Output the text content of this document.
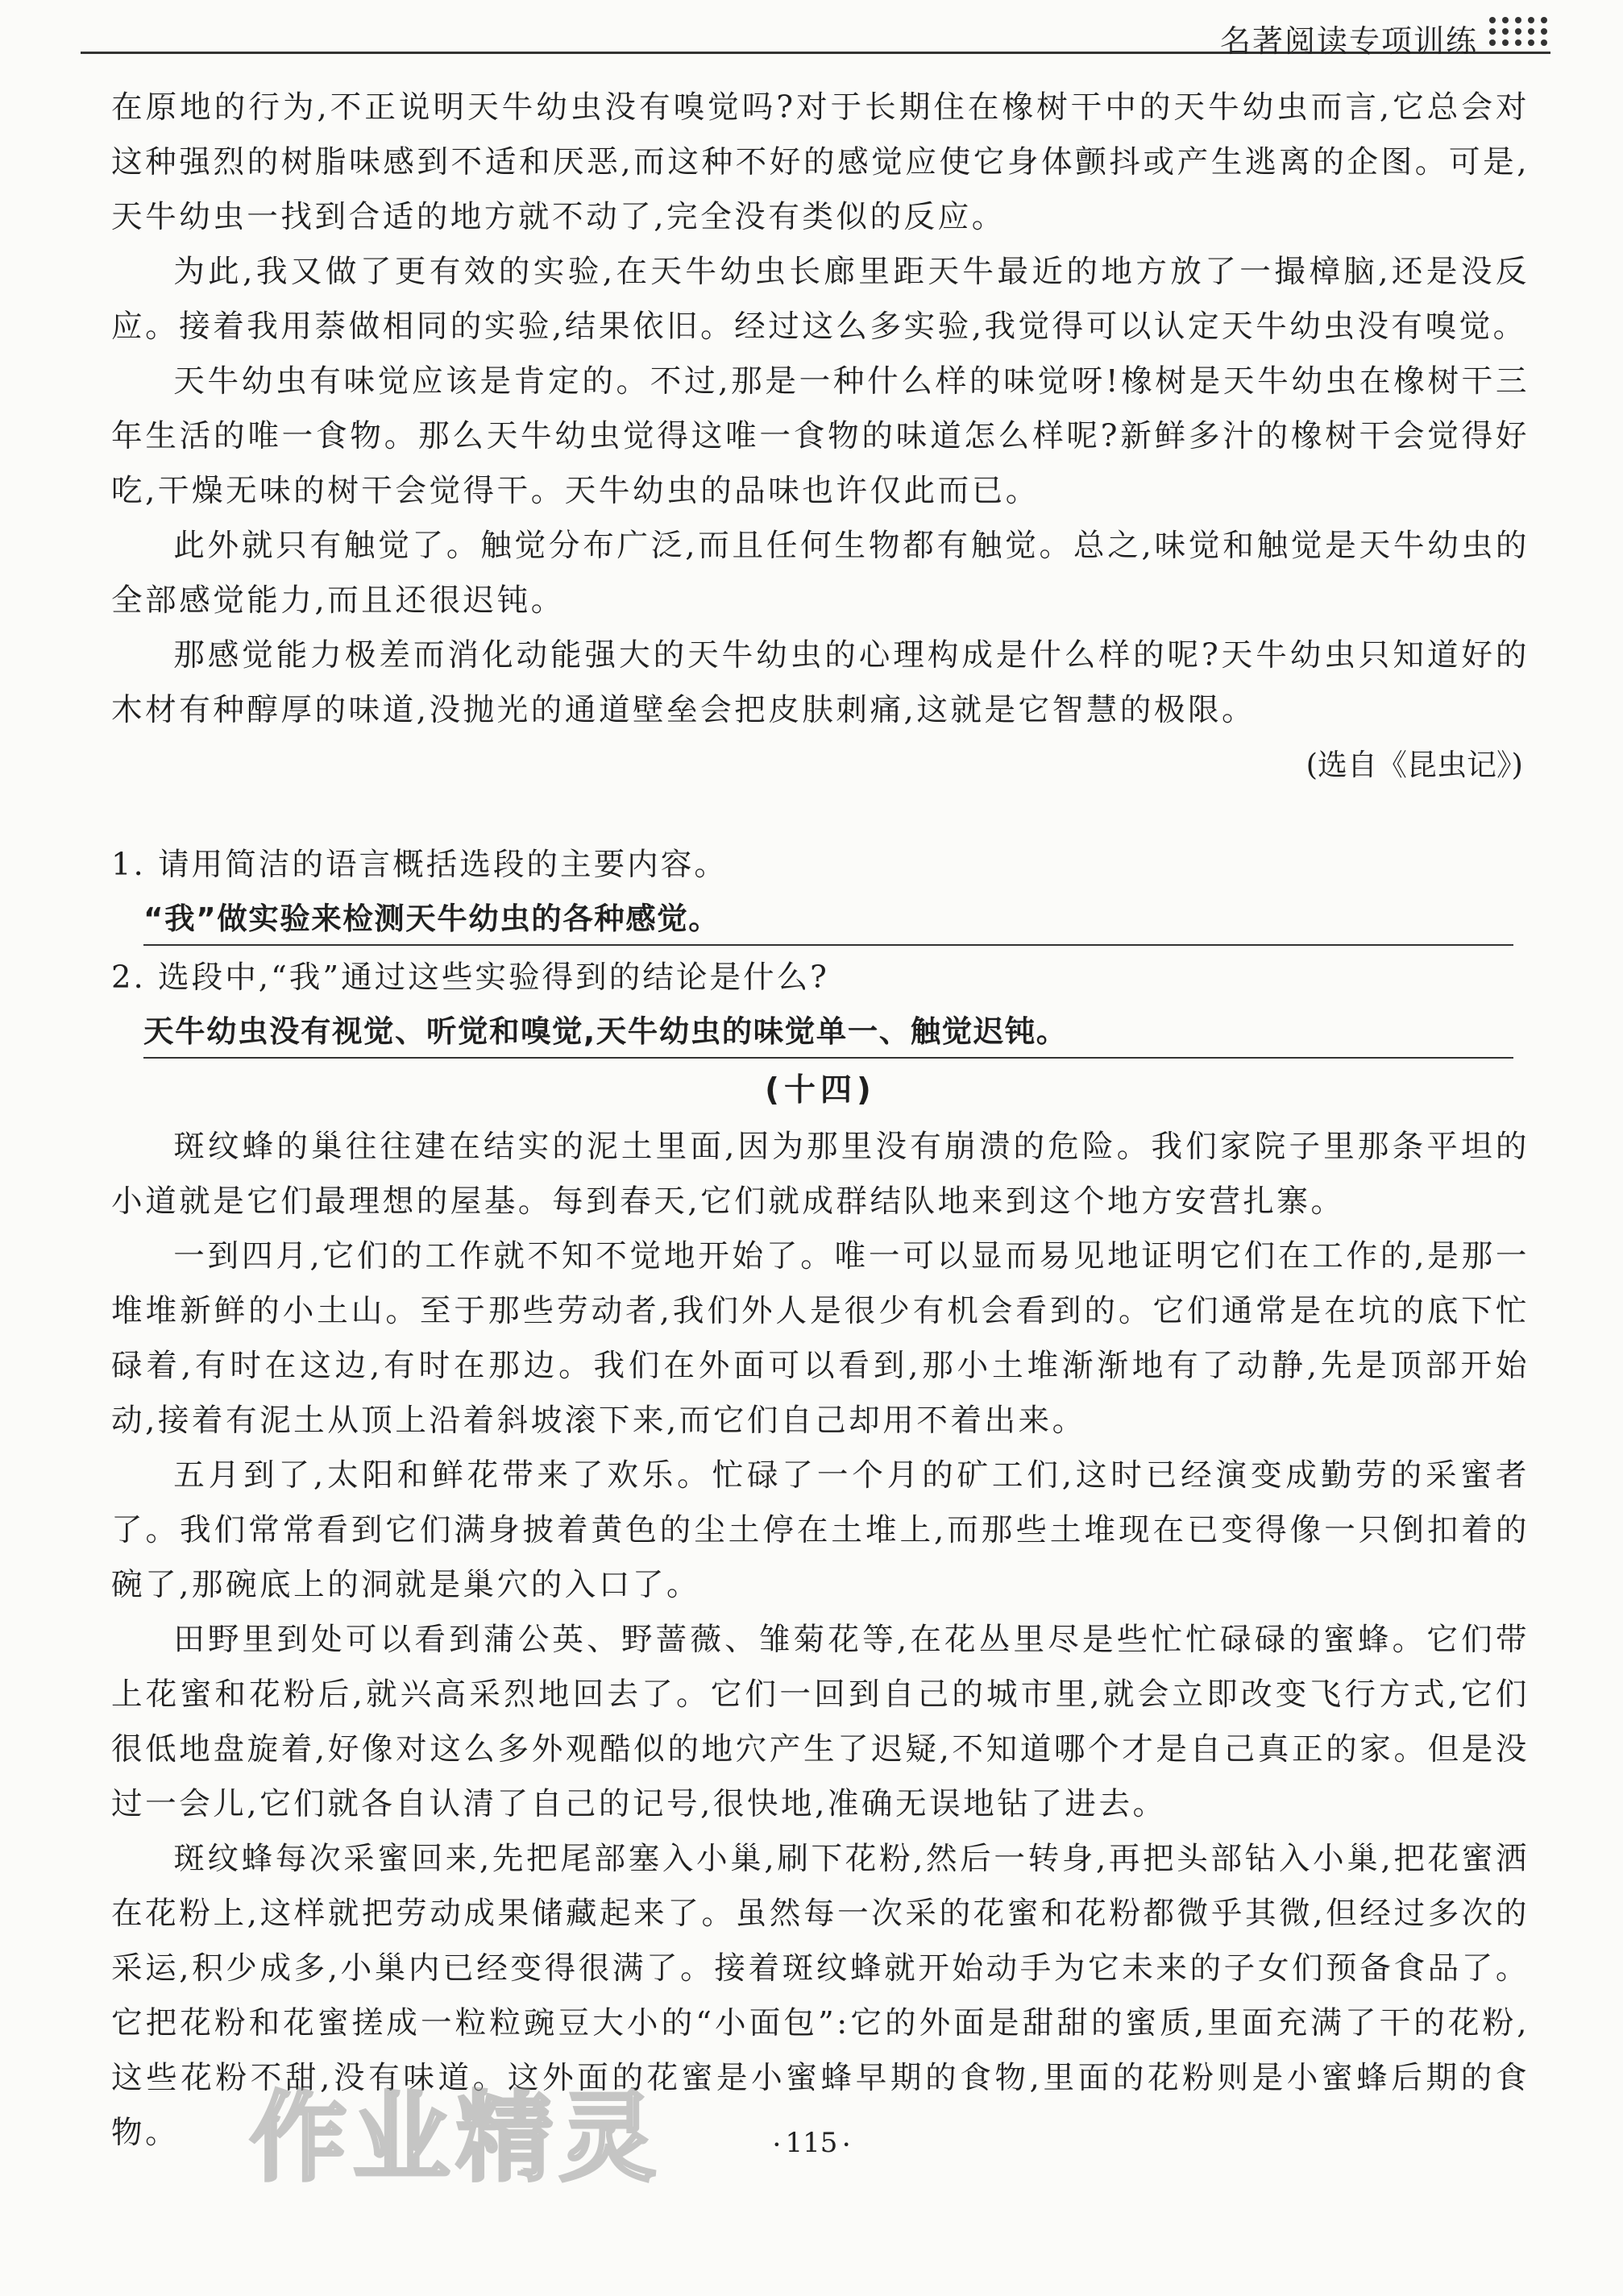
名著阅读专项训练

在原地的行为,不正说明天牛幼虫没有嗅觉吗?对于长期住在橡树干中的天牛幼虫而言,它总会对这种强烈的树脂味感到不适和厌恶,而这种不好的感觉应使它身体颤抖或产生逃离的企图。可是,天牛幼虫一找到合适的地方就不动了,完全没有类似的反应。

为此,我又做了更有效的实验,在天牛幼虫长廊里距天牛最近的地方放了一撮樟脑,还是没反应。接着我用萘做相同的实验,结果依旧。经过这么多实验,我觉得可以认定天牛幼虫没有嗅觉。

天牛幼虫有味觉应该是肯定的。不过,那是一种什么样的味觉呀!橡树是天牛幼虫在橡树干三年生活的唯一食物。那么天牛幼虫觉得这唯一食物的味道怎么样呢?新鲜多汁的橡树干会觉得好吃,干燥无味的树干会觉得干。天牛幼虫的品味也许仅此而已。

此外就只有触觉了。触觉分布广泛,而且任何生物都有触觉。总之,味觉和触觉是天牛幼虫的全部感觉能力,而且还很迟钝。

那感觉能力极差而消化动能强大的天牛幼虫的心理构成是什么样的呢?天牛幼虫只知道好的木材有种醇厚的味道,没抛光的通道壁垒会把皮肤刺痛,这就是它智慧的极限。

(选自《昆虫记》)

1. 请用简洁的语言概括选段的主要内容。

“我”做实验来检测天牛幼虫的各种感觉。

2. 选段中,“我”通过这些实验得到的结论是什么?

天牛幼虫没有视觉、听觉和嗅觉,天牛幼虫的味觉单一、触觉迟钝。

(十四)

斑纹蜂的巢往往建在结实的泥土里面,因为那里没有崩溃的危险。我们家院子里那条平坦的小道就是它们最理想的屋基。每到春天,它们就成群结队地来到这个地方安营扎寨。

一到四月,它们的工作就不知不觉地开始了。唯一可以显而易见地证明它们在工作的,是那一堆堆新鲜的小土山。至于那些劳动者,我们外人是很少有机会看到的。它们通常是在坑的底下忙碌着,有时在这边,有时在那边。我们在外面可以看到,那小土堆渐渐地有了动静,先是顶部开始动,接着有泥土从顶上沿着斜坡滚下来,而它们自己却用不着出来。

五月到了,太阳和鲜花带来了欢乐。忙碌了一个月的矿工们,这时已经演变成勤劳的采蜜者了。我们常常看到它们满身披着黄色的尘土停在土堆上,而那些土堆现在已变得像一只倒扣着的碗了,那碗底上的洞就是巢穴的入口了。

田野里到处可以看到蒲公英、野蔷薇、雏菊花等,在花丛里尽是些忙忙碌碌的蜜蜂。它们带上花蜜和花粉后,就兴高采烈地回去了。它们一回到自己的城市里,就会立即改变飞行方式,它们很低地盘旋着,好像对这么多外观酷似的地穴产生了迟疑,不知道哪个才是自己真正的家。但是没过一会儿,它们就各自认清了自己的记号,很快地,准确无误地钻了进去。

斑纹蜂每次采蜜回来,先把尾部塞入小巢,刷下花粉,然后一转身,再把头部钻入小巢,把花蜜洒在花粉上,这样就把劳动成果储藏起来了。虽然每一次采的花蜜和花粉都微乎其微,但经过多次的采运,积少成多,小巢内已经变得很满了。接着斑纹蜂就开始动手为它未来的子女们预备食品了。它把花粉和花蜜搓成一粒粒豌豆大小的“小面包”:它的外面是甜甜的蜜质,里面充满了干的花粉,这些花粉不甜,没有味道。这外面的花蜜是小蜜蜂早期的食物,里面的花粉则是小蜜蜂后期的食物。 作业精灵
•	115 •
